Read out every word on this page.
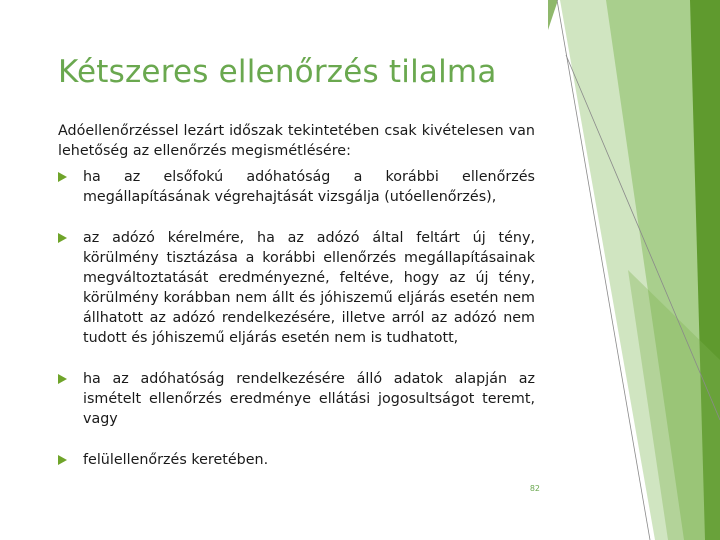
Kétszeres ellenőrzés tilalma
Adóellenőrzéssel lezárt időszak tekintetében csak kivételesen van lehetőség az ellenőrzés megismétlésére:
ha az elsőfokú adóhatóság a korábbi ellenőrzés megállapításának végrehajtását vizsgálja (utóellenőrzés),
az adózó kérelmére, ha az adózó által feltárt új tény, körülmény tisztázása a korábbi ellenőrzés megállapításainak megváltoztatását eredményezné, feltéve, hogy az új tény, körülmény korábban nem állt és jóhiszemű eljárás esetén nem állhatott az adózó rendelkezésére, illetve arról az adózó nem tudott és jóhiszemű eljárás esetén nem is tudhatott,
ha az adóhatóság rendelkezésére álló adatok alapján az ismételt ellenőrzés eredménye ellátási jogosultságot teremt, vagy
felülellenőrzés keretében.
82
